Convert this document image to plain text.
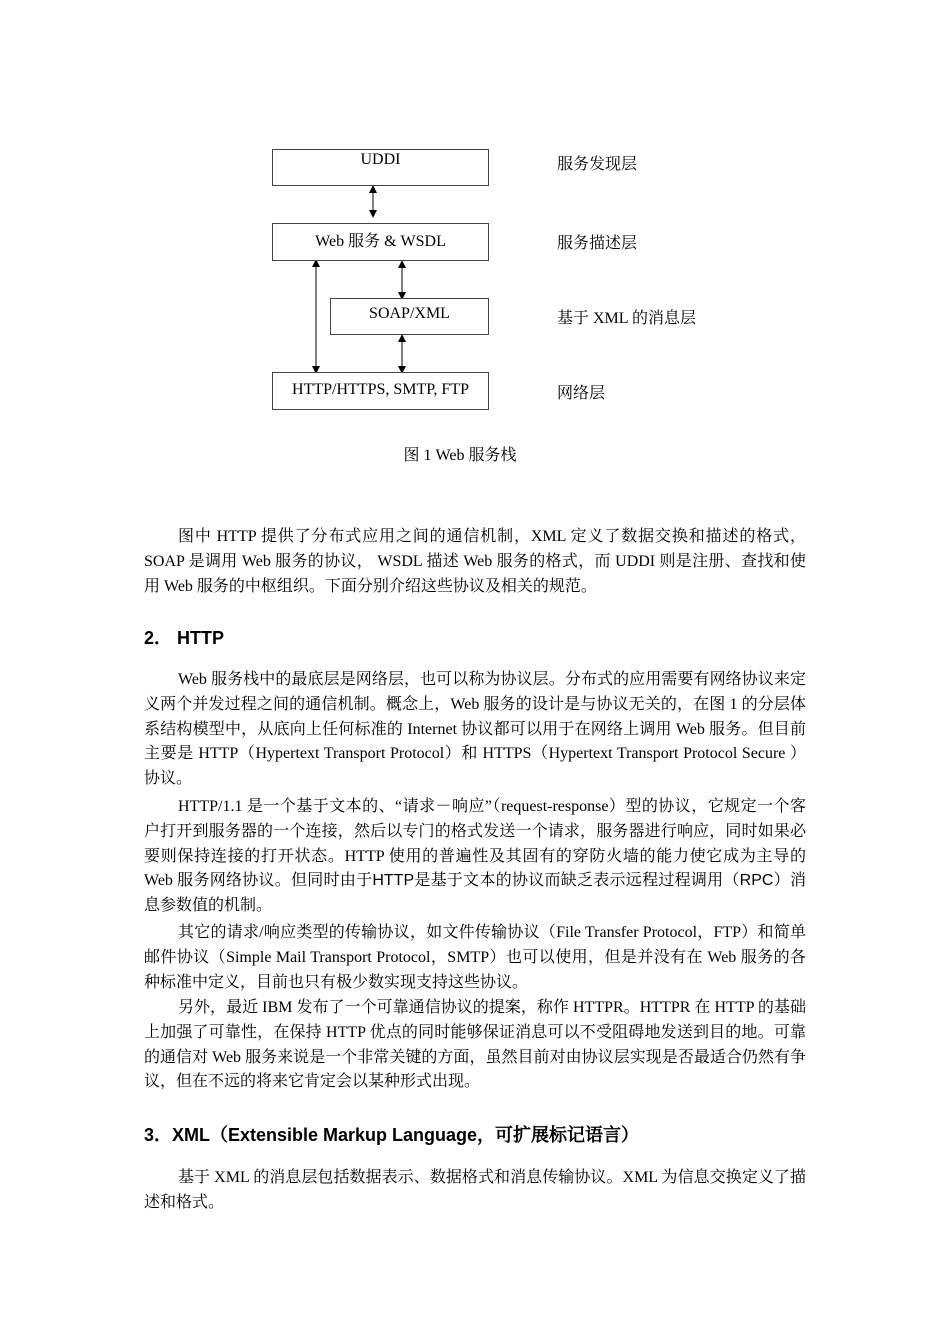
UDDI
Web 服务 & WSDL
SOAP/XML
HTTP/HTTPS, SMTP, FTP
服务发现层
服务描述层
基于 XML 的消息层
网络层
图 1 Web 服务栈

图中 HTTP 提供了分布式应用之间的通信机制，XML 定义了数据交换和描述的格式，SOAP 是调用 Web 服务的协议， WSDL 描述 Web 服务的格式，而 UDDI 则是注册、查找和使用 Web 服务的中枢组织。下面分别介绍这些协议及相关的规范。

2． HTTP

Web 服务栈中的最底层是网络层，也可以称为协议层。分布式的应用需要有网络协议来定义两个并发过程之间的通信机制。概念上，Web 服务的设计是与协议无关的，在图 1 的分层体系结构模型中，从底向上任何标准的 Internet 协议都可以用于在网络上调用 Web 服务。但目前主要是 HTTP（Hypertext Transport Protocol）和 HTTPS（Hypertext Transport Protocol Secure ）协议。

HTTP/1.1 是一个基于文本的、“请求－响应”（request-response）型的协议，它规定一个客户打开到服务器的一个连接，然后以专门的格式发送一个请求，服务器进行响应，同时如果必要则保持连接的打开状态。HTTP 使用的普遍性及其固有的穿防火墙的能力使它成为主导的 Web 服务网络协议。但同时由于HTTP是基于文本的协议而缺乏表示远程过程调用（RPC）消息参数值的机制。

其它的请求/响应类型的传输协议，如文件传输协议（File Transfer Protocol，FTP）和简单邮件协议（Simple Mail Transport Protocol，SMTP）也可以使用，但是并没有在 Web 服务的各种标准中定义，目前也只有极少数实现支持这些协议。

另外，最近 IBM 发布了一个可靠通信协议的提案，称作 HTTPR。HTTPR 在 HTTP 的基础上加强了可靠性，在保持 HTTP 优点的同时能够保证消息可以不受阻碍地发送到目的地。可靠的通信对 Web 服务来说是一个非常关键的方面，虽然目前对由协议层实现是否最适合仍然有争议，但在不远的将来它肯定会以某种形式出现。

3．XML（Extensible Markup Language，可扩展标记语言）

基于 XML 的消息层包括数据表示、数据格式和消息传输协议。XML 为信息交换定义了描述和格式。
